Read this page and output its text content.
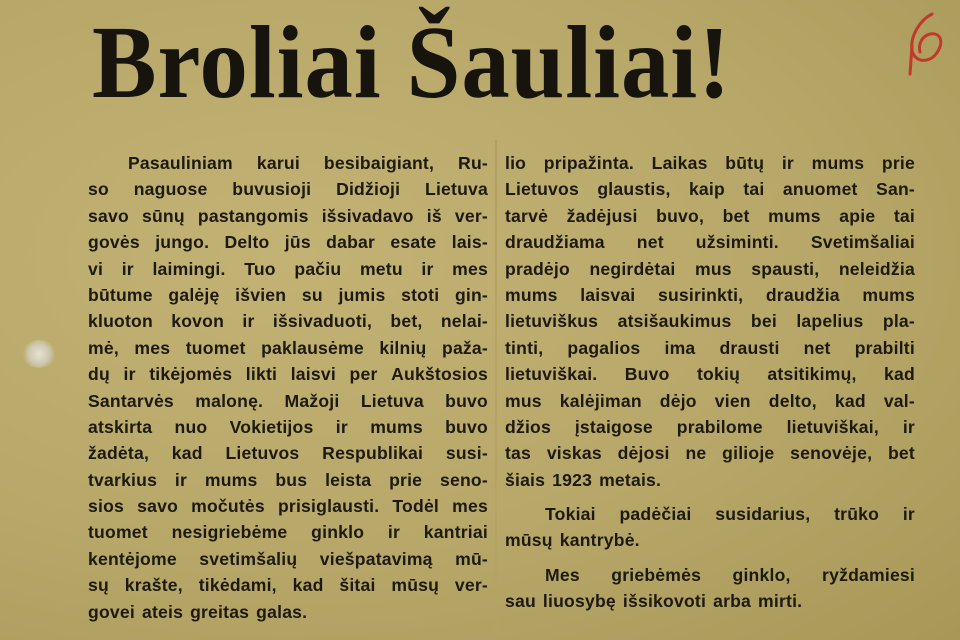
Broliai Šauliai!
Pasauliniam karui besibaigiant, Ru-
so naguose buvusioji Didžioji Lietuva
savo sūnų pastangomis išsivadavo iš ver-
govės jungo. Delto jūs dabar esate lais-
vi ir laimingi. Tuo pačiu metu ir mes
būtume galėję išvien su jumis stoti gin-
kluoton kovon ir išsivaduoti, bet, nelai-
mė, mes tuomet paklausėme kilnių paža-
dų ir tikėjomės likti laisvi per Aukštosios
Santarvės malonę. Mažoji Lietuva buvo
atskirta nuo Vokietijos ir mums buvo
žadėta, kad Lietuvos Respublikai susi-
tvarkius ir mums bus leista prie seno-
sios savo močutės prisiglausti. Todėl mes
tuomet nesigriebėme ginklo ir kantriai
kentėjome svetimšalių viešpatavimą mū-
sų krašte, tikėdami, kad šitai mūsų ver-
govei ateis greitas galas.
lio pripažinta. Laikas būtų ir mums prie
Lietuvos glaustis, kaip tai anuomet San-
tarvė žadėjusi buvo, bet mums apie tai
draudžiama net užsiminti. Svetimšaliai
pradėjo negirdėtai mus spausti, neleidžia
mums laisvai susirinkti, draudžia mums
lietuviškus atsišaukimus bei lapelius pla-
tinti, pagalios ima drausti net prabilti
lietuviškai. Buvo tokių atsitikimų, kad
mus kalėjiman dėjo vien delto, kad val-
džios įstaigose prabilome lietuviškai, ir
tas viskas dėjosi ne gilioje senovėje, bet
šiais 1923 metais.
Tokiai padėčiai susidarius, trūko ir
mūsų kantrybė.
Mes griebėmės ginklo, ryždamiesi
sau liuosybę išsikovoti arba mirti.
